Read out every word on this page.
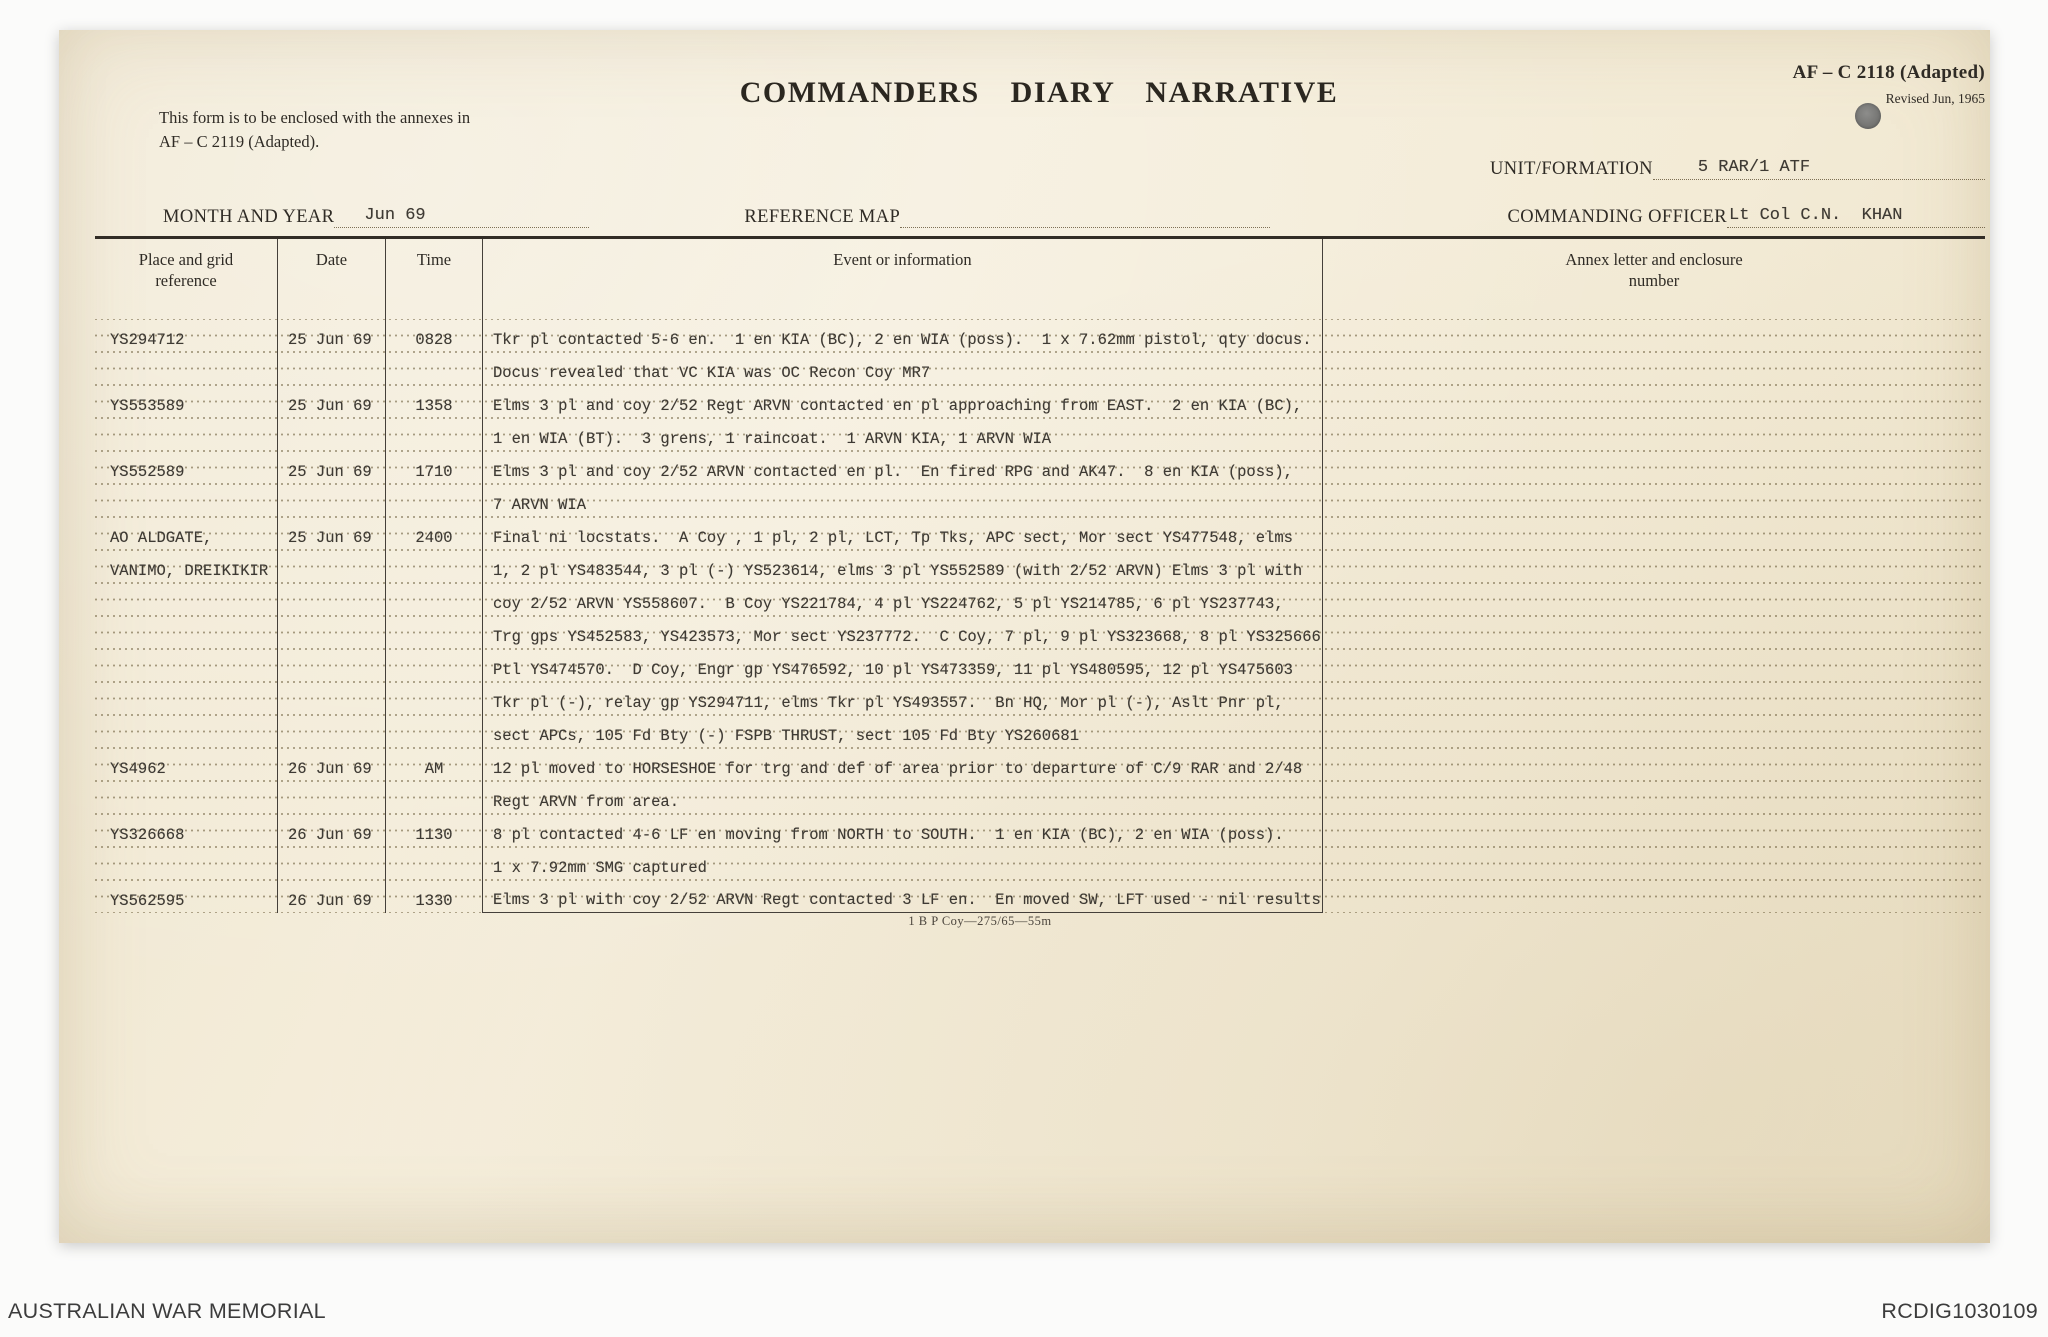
This form is to be enclosed with the annexes in AF – C 2119 (Adapted).
COMMANDERS DIARY NARRATIVE
AF – C 2118 (Adapted)
Revised Jun, 1965
UNIT/FORMATION	5 RAR/1 ATF
MONTH AND YEAR	Jun 69	REFERENCE MAP	COMMANDING OFFICER Lt Col C.N.  KHAN
Place and grid reference
Date	Time	Event or information	Annex letter and enclosure number
YS294712	25 Jun 69	0828	Tkr pl contacted 5-6 en.  1 en KIA (BC), 2 en WIA (poss).  1 x 7.62mm pistol, qty docus.
Docus revealed that VC KIA was OC Recon Coy MR7
YS553589	25 Jun 69	1358	Elms 3 pl and coy 2/52 Regt ARVN contacted en pl approaching from EAST.  2 en KIA (BC),
1 en WIA (BT).  3 grens, 1 raincoat.  1 ARVN KIA, 1 ARVN WIA
YS552589	25 Jun 69	1710	Elms 3 pl and coy 2/52 ARVN contacted en pl.  En fired RPG and AK47.  8 en KIA (poss),
7 ARVN WIA
AO ALDGATE,	25 Jun 69	2400	Final ni locstats.  A Coy , 1 pl, 2 pl, LCT, Tp Tks, APC sect, Mor sect YS477548, elms
VANIMO, DREIKIKIR	1, 2 pl YS483544, 3 pl (-) YS523614, elms 3 pl YS552589 (with 2/52 ARVN) Elms 3 pl with
coy 2/52 ARVN YS558607.  B Coy YS221784, 4 pl YS224762, 5 pl YS214785, 6 pl YS237743,
Trg gps YS452583, YS423573, Mor sect YS237772.  C Coy, 7 pl, 9 pl YS323668, 8 pl YS325666
Ptl YS474570.  D Coy, Engr gp YS476592, 10 pl YS473359, 11 pl YS480595, 12 pl YS475603
Tkr pl (-), relay gp YS294711, elms Tkr pl YS493557.  Bn HQ, Mor pl (-), Aslt Pnr pl,
sect APCs, 105 Fd Bty (-) FSPB THRUST, sect 105 Fd Bty YS260681
YS4962	26 Jun 69	AM	12 pl moved to HORSESHOE for trg and def of area prior to departure of C/9 RAR and 2/48
Regt ARVN from area.
YS326668	26 Jun 69	1130	8 pl contacted 4-6 LF en moving from NORTH to SOUTH.  1 en KIA (BC), 2 en WIA (poss).
1 x 7.92mm SMG captured
YS562595	26 Jun 69	1330	Elms 3 pl with coy 2/52 ARVN Regt contacted 3 LF en.  En moved SW, LFT used - nil results
1 B P Coy—275/65—55m
AUSTRALIAN WAR MEMORIAL	RCDIG1030109
